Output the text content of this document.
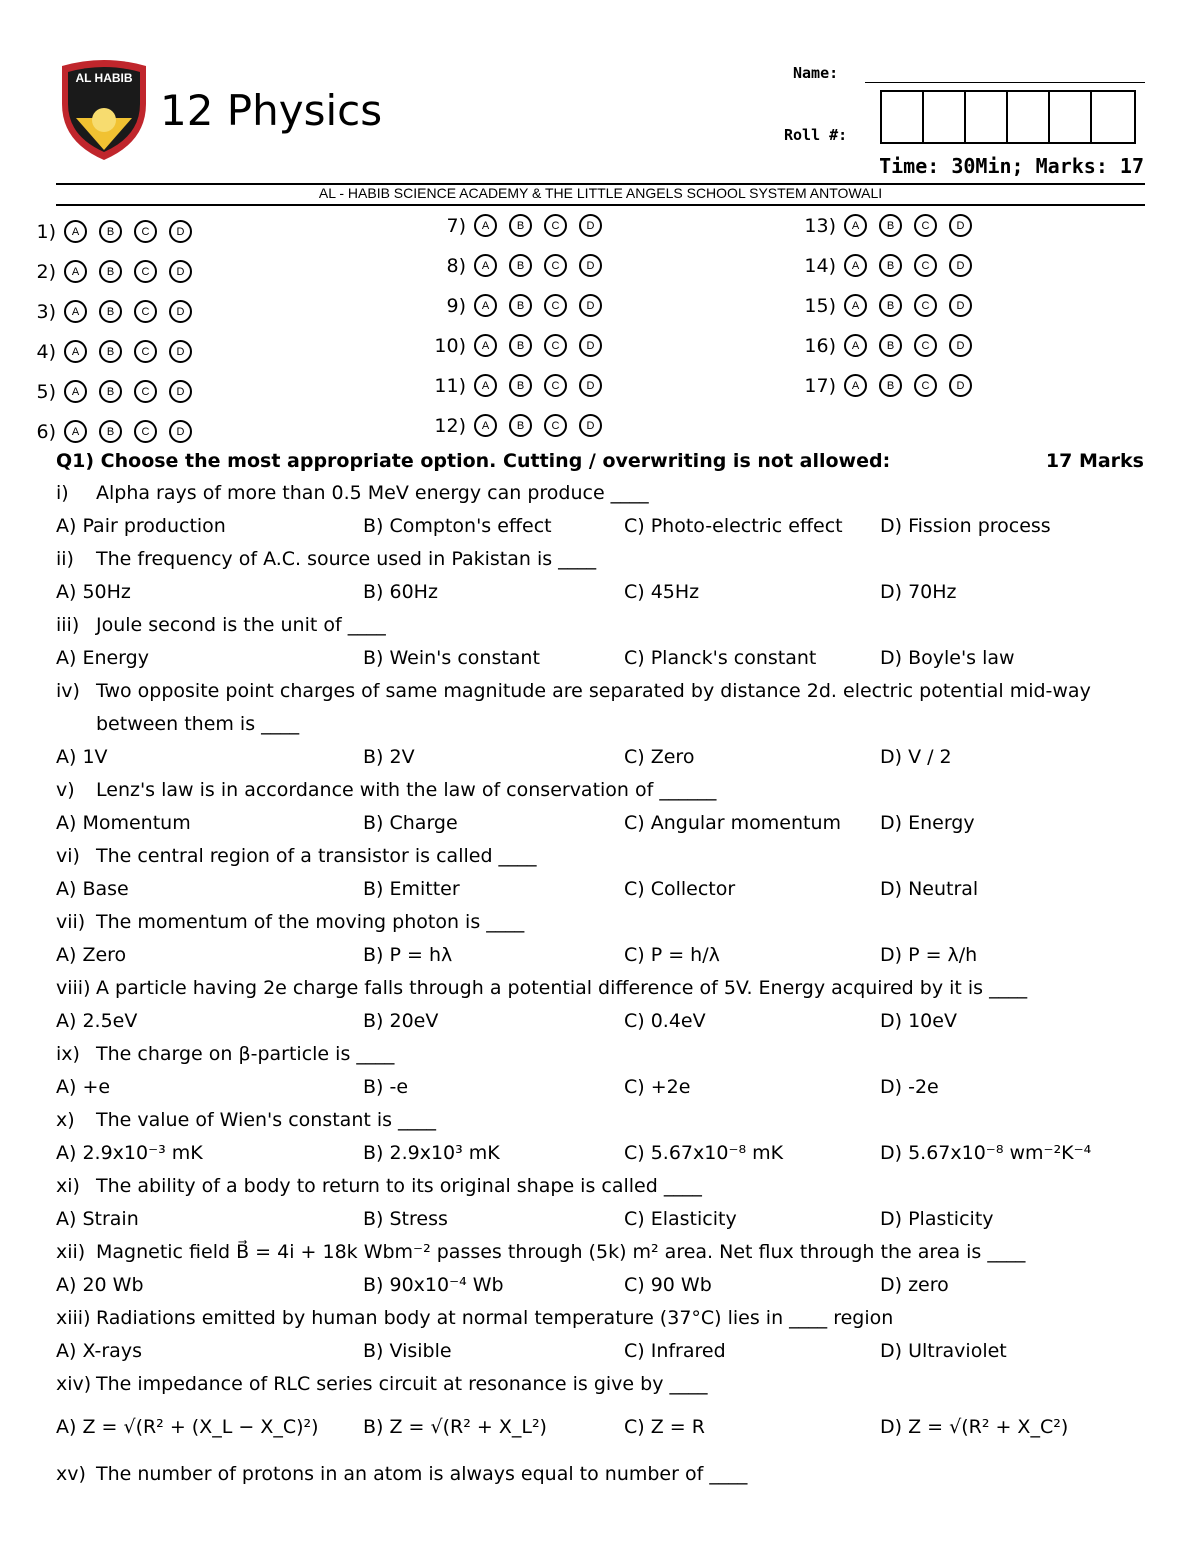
AL HABIB
12 Physics
Name:
Roll #:
Time: 30Min; Marks: 17
AL - HABIB SCIENCE ACADEMY & THE LITTLE ANGELS SCHOOL SYSTEM ANTOWALI
1)	A	B	C	D
2)	A	B	C	D
3)	A	B	C	D
4)	A	B	C	D
5)	A	B	C	D
6)	A	B	C	D
7)	A	B	C	D
8)	A	B	C	D
9)	A	B	C	D
10)	A	B	C	D
11)	A	B	C	D
12)	A	B	C	D
13)	A	B	C	D
14)	A	B	C	D
15)	A	B	C	D
16)	A	B	C	D
17)	A	B	C	D
Q1) Choose the most appropriate option. Cutting / overwriting is not allowed:	17 Marks
i) Alpha rays of more than 0.5 MeV energy can produce ____
A) Pair production	B) Compton's effect	C) Photo-electric effect D) Fission process
ii) The frequency of A.C. source used in Pakistan is ____
A) 50Hz	B) 60Hz	C) 45Hz	D) 70Hz
iii) Joule second is the unit of ____
A) Energy	B) Wein's constant	C) Planck's constant	D) Boyle's law
iv) Two opposite point charges of same magnitude are separated by distance 2d. electric potential mid-way
between them is ____
A) 1V	B) 2V	C) Zero	D) V / 2
v) Lenz's law is in accordance with the law of conservation of ______
A) Momentum	B) Charge	C) Angular momentum D) Energy
vi) The central region of a transistor is called ____
A) Base	B) Emitter	C) Collector	D) Neutral
vii) The momentum of the moving photon is ____
A) Zero	B) P = hλ	C) P = h/λ	D) P = λ/h
viii) A particle having 2e charge falls through a potential difference of 5V. Energy acquired by it is ____
A) 2.5eV	B) 20eV	C) 0.4eV	D) 10eV
ix) The charge on β-particle is ____
A) +e	B) -e	C) +2e	D) -2e
x) The value of Wien's constant is ____
A) 2.9x10⁻³ mK	B) 2.9x10³ mK	C) 5.67x10⁻⁸ mK	D) 5.67x10⁻⁸ wm⁻²K⁻⁴
xi) The ability of a body to return to its original shape is called ____
A) Strain	B) Stress	C) Elasticity	D) Plasticity
xii) Magnetic field B⃗ = 4i + 18k Wbm⁻² passes through (5k) m² area. Net flux through the area is ____
A) 20 Wb	B) 90x10⁻⁴ Wb	C) 90 Wb	D) zero
xiii) Radiations emitted by human body at normal temperature (37°C) lies in ____ region
A) X-rays	B) Visible	C) Infrared	D) Ultraviolet
xiv) The impedance of RLC series circuit at resonance is give by ____
A) Z = √(R² + (X_L − X_C)²) B) Z = √(R² + X_L²)	C) Z = R	D) Z = √(R² + X_C²)
xv) The number of protons in an atom is always equal to number of ____
